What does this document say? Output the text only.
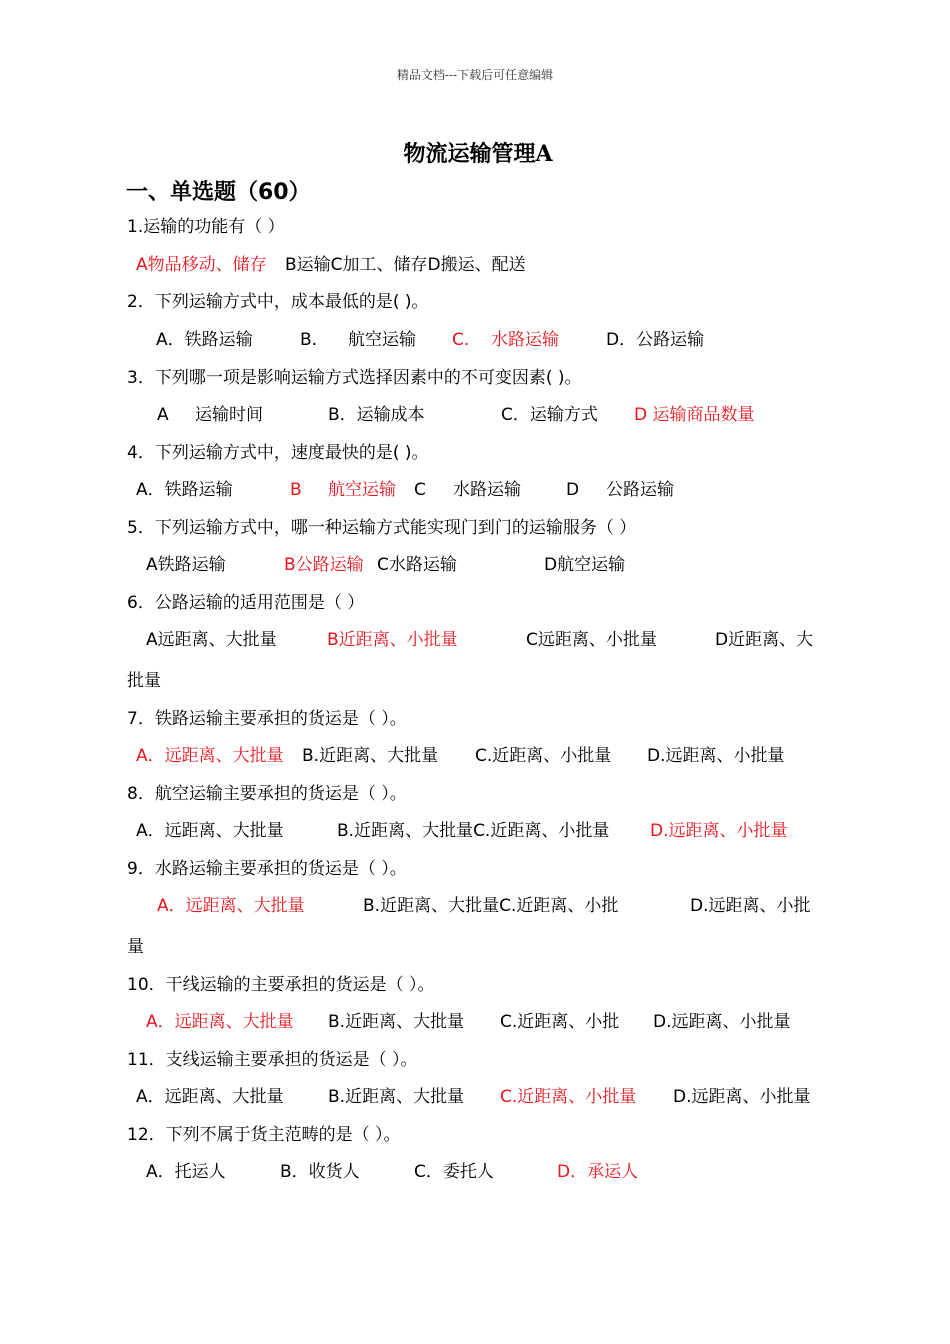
精品文档---下载后可任意编辑
物流运输管理A
一、单选题（60）
1.运输的功能有（ ）
A物品移动、储存 B运输C加工、储存D搬运、配送
2．下列运输方式中，成本最低的是( )。
A．铁路运输	B. 航空运输 C. 水路运输	D．公路运输
3．下列哪一项是影响运输方式选择因素中的不可变因素( )。
A 运输时间	B．运输成本	C．运输方式 D 运输商品数量
4．下列运输方式中，速度最快的是( )。
A．铁路运输	B 航空运输 C 水路运输	D 公路运输
5．下列运输方式中，哪一种运输方式能实现门到门的运输服务（ ）
A铁路运输	B公路运输 C水路运输	D航空运输
6．公路运输的适用范围是（ ）
A远距离、大批量	B近距离、小批量	C远距离、小批量	D近距离、大
批量
7．铁路运输主要承担的货运是（ ）。
A．远距离、大批量 B.近距离、大批量 C.近距离、小批量 D.远距离、小批量
8．航空运输主要承担的货运是（ ）。
A．远距离、大批量	B.近距离、大批量C.近距离、小批量 D.远距离、小批量
9．水路运输主要承担的货运是（ ）。
A．远距离、大批量	B.近距离、大批量C.近距离、小批	D.远距离、小批
量
10．干线运输的主要承担的货运是（ ）。
A．远距离、大批量 B.近距离、大批量 C.近距离、小批 D.远距离、小批量
11．支线运输主要承担的货运是（ ）。
A．远距离、大批量	B.近距离、大批量 C.近距离、小批量 D.远距离、小批量
12．下列不属于货主范畴的是（ ）。
A．托运人	B．收货人	C．委托人	D．承运人
